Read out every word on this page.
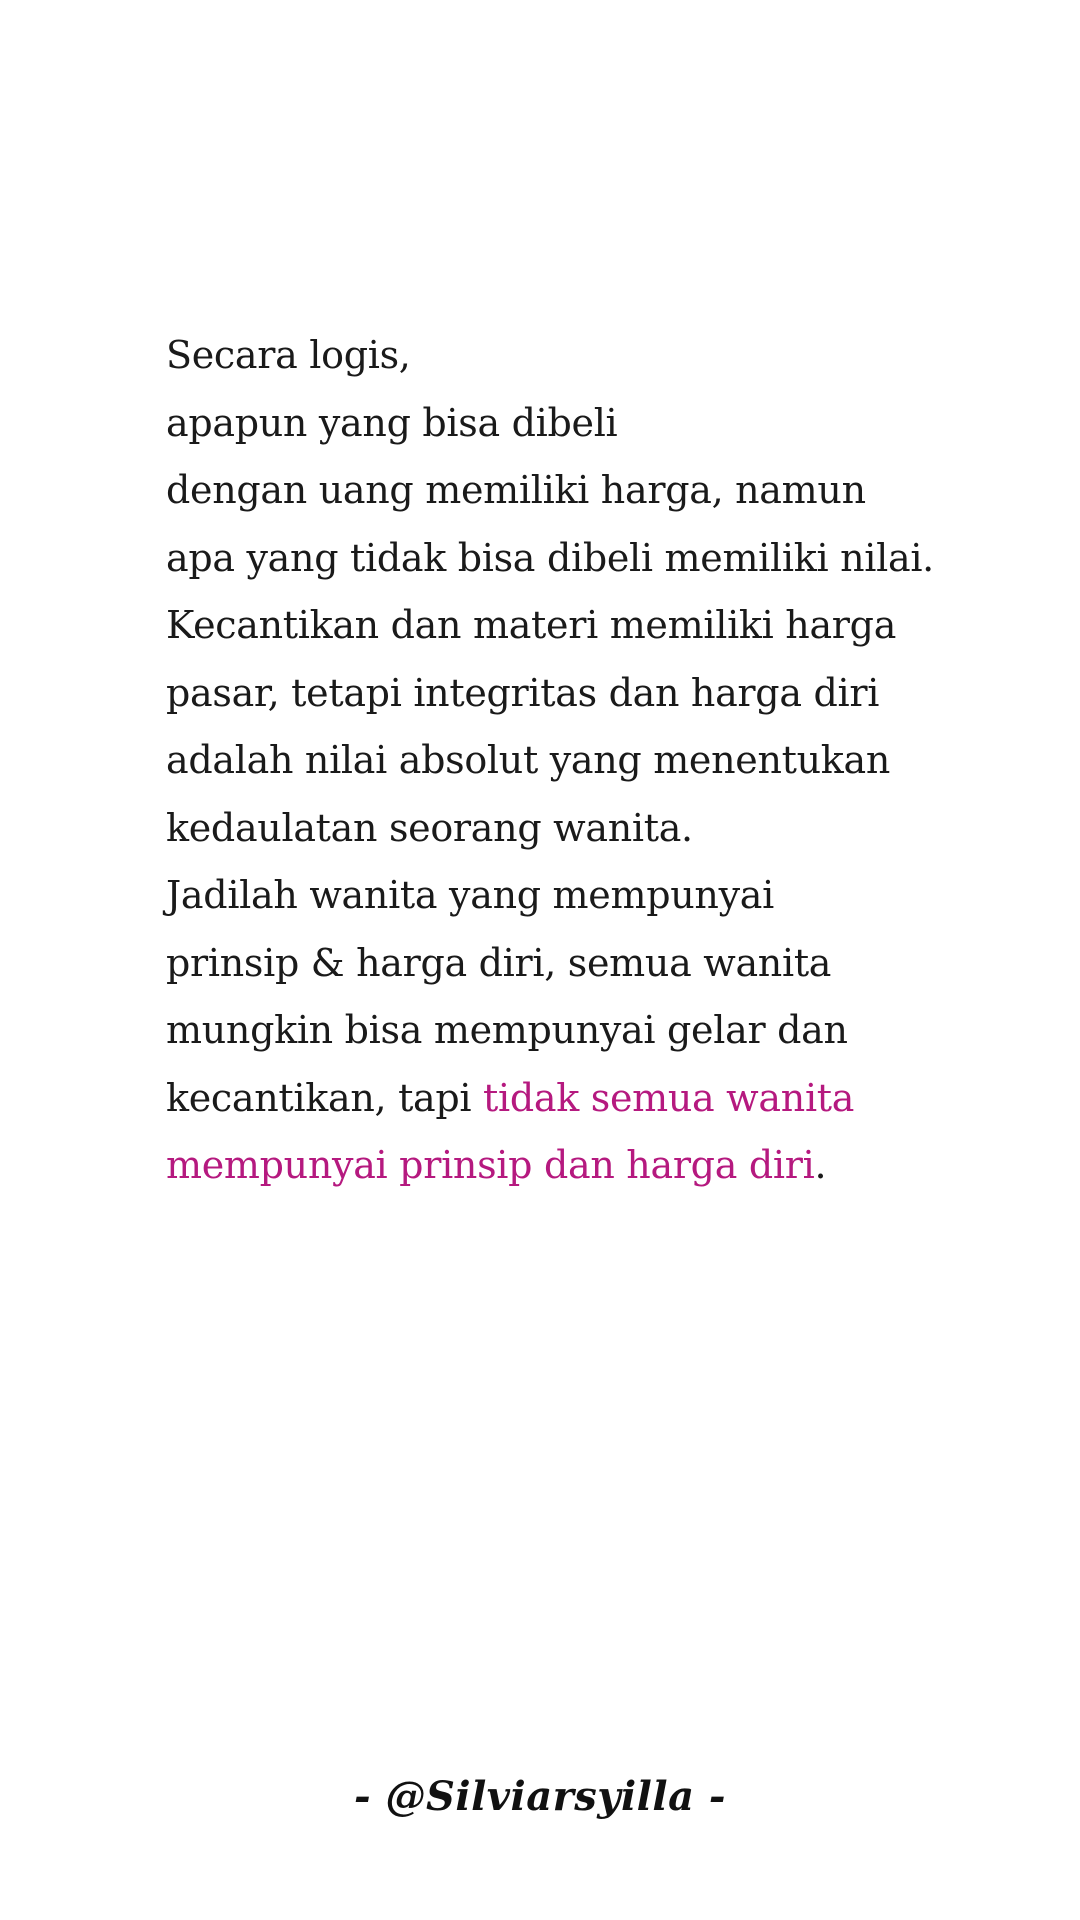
Secara logis,
apapun yang bisa dibeli
dengan uang memiliki harga, namun
apa yang tidak bisa dibeli memiliki nilai.
Kecantikan dan materi memiliki harga
pasar, tetapi integritas dan harga diri
adalah nilai absolut yang menentukan
kedaulatan seorang wanita.
Jadilah wanita yang mempunyai
prinsip & harga diri, semua wanita
mungkin bisa mempunyai gelar dan
kecantikan, tapi tidak semua wanita
mempunyai prinsip dan harga diri.
- @Silviarsyilla -
